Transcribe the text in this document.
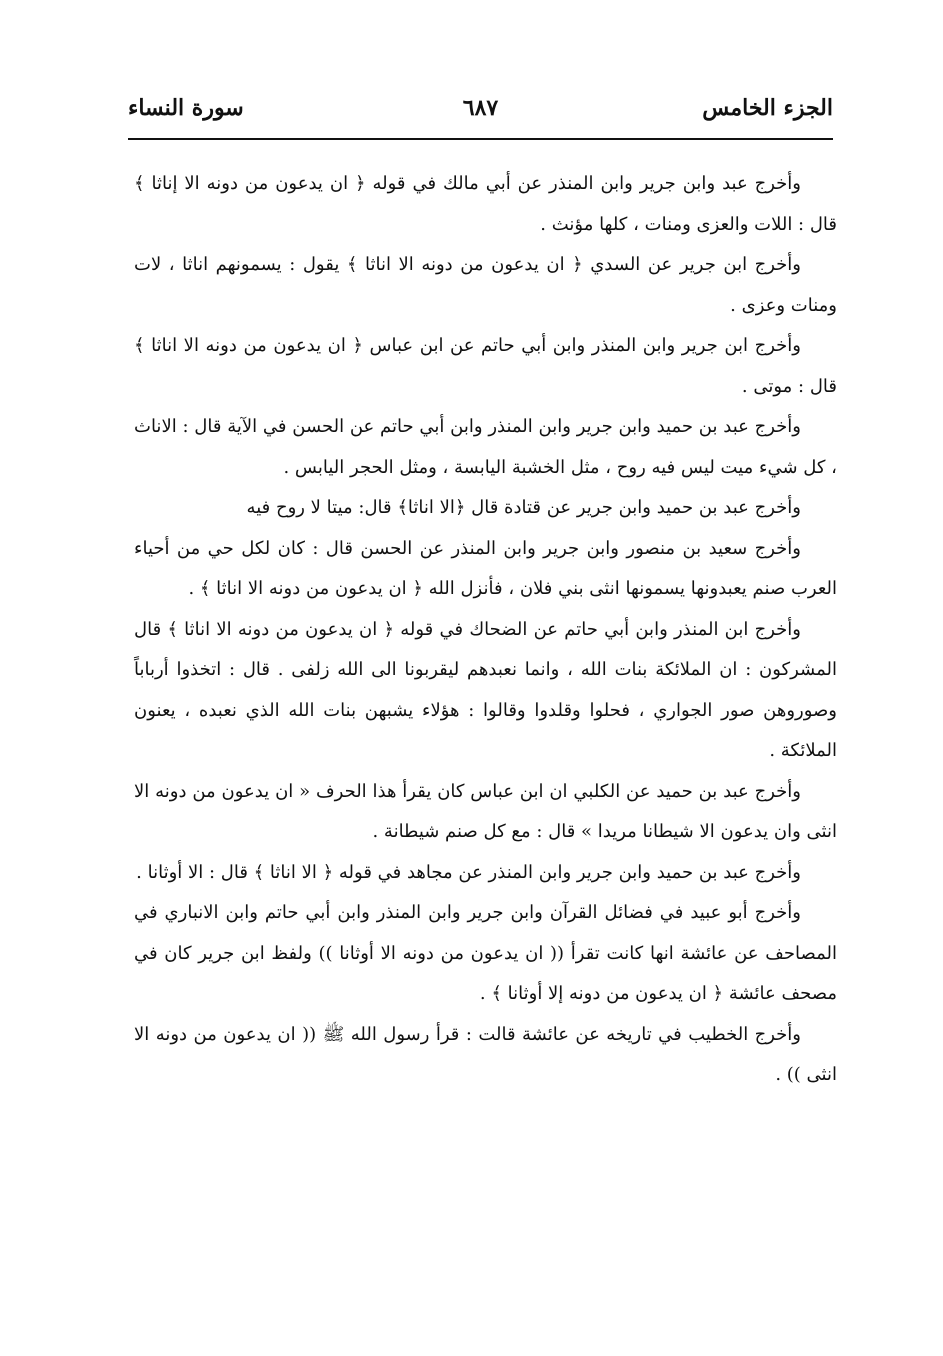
الجزء الخامس
٦٨٧
سورة النساء

وأخرج عبد وابن جرير وابن المنذر عن أبي مالك في قوله ﴿ ان يدعون من دونه الا إناثا ﴾ قال : اللات والعزى ومنات ، كلها مؤنث .

وأخرج ابن جرير عن السدي ﴿ ان يدعون من دونه الا اناثا ﴾ يقول : يسمونهم اناثا ، لات ومنات وعزى .

وأخرج ابن جرير وابن المنذر وابن أبي حاتم عن ابن عباس ﴿ ان يدعون من دونه الا اناثا ﴾ قال : موتى .

وأخرج عبد بن حميد وابن جرير وابن المنذر وابن أبي حاتم عن الحسن في الآية قال : الاناث ، كل شيء ميت ليس فيه روح ، مثل الخشبة اليابسة ، ومثل الحجر اليابس .

وأخرج عبد بن حميد وابن جرير عن قتادة قال ﴿الا اناثا﴾ قال: ميتا لا روح فيه

وأخرج سعيد بن منصور وابن جرير وابن المنذر عن الحسن قال : كان لكل حي من أحياء العرب صنم يعبدونها يسمونها انثى بني فلان ، فأنزل الله ﴿ ان يدعون من دونه الا اناثا ﴾ .

وأخرج ابن المنذر وابن أبي حاتم عن الضحاك في قوله ﴿ ان يدعون من دونه الا اناثا ﴾ قال المشركون : ان الملائكة بنات الله ، وانما نعبدهم ليقربونا الى الله زلفى . قال : اتخذوا أرباباً وصوروهن صور الجواري ، فحلوا وقلدوا وقالوا : هؤلاء يشبهن بنات الله الذي نعبده ، يعنون الملائكة .

وأخرج عبد بن حميد عن الكلبي ان ابن عباس كان يقرأ هذا الحرف « ان يدعون من دونه الا انثى وان يدعون الا شيطانا مريدا » قال : مع كل صنم شيطانة .

وأخرج عبد بن حميد وابن جرير وابن المنذر عن مجاهد في قوله ﴿ الا اناثا ﴾ قال : الا أوثانا .

وأخرج أبو عبيد في فضائل القرآن وابن جرير وابن المنذر وابن أبي حاتم وابن الانباري في المصاحف عن عائشة انها كانت تقرأ (( ان يدعون من دونه الا أوثانا )) ولفظ ابن جرير كان في مصحف عائشة ﴿ ان يدعون من دونه إلا أوثانا ﴾ .

وأخرج الخطيب في تاريخه عن عائشة قالت : قرأ رسول الله ﷺ (( ان يدعون من دونه الا انثى )) .
